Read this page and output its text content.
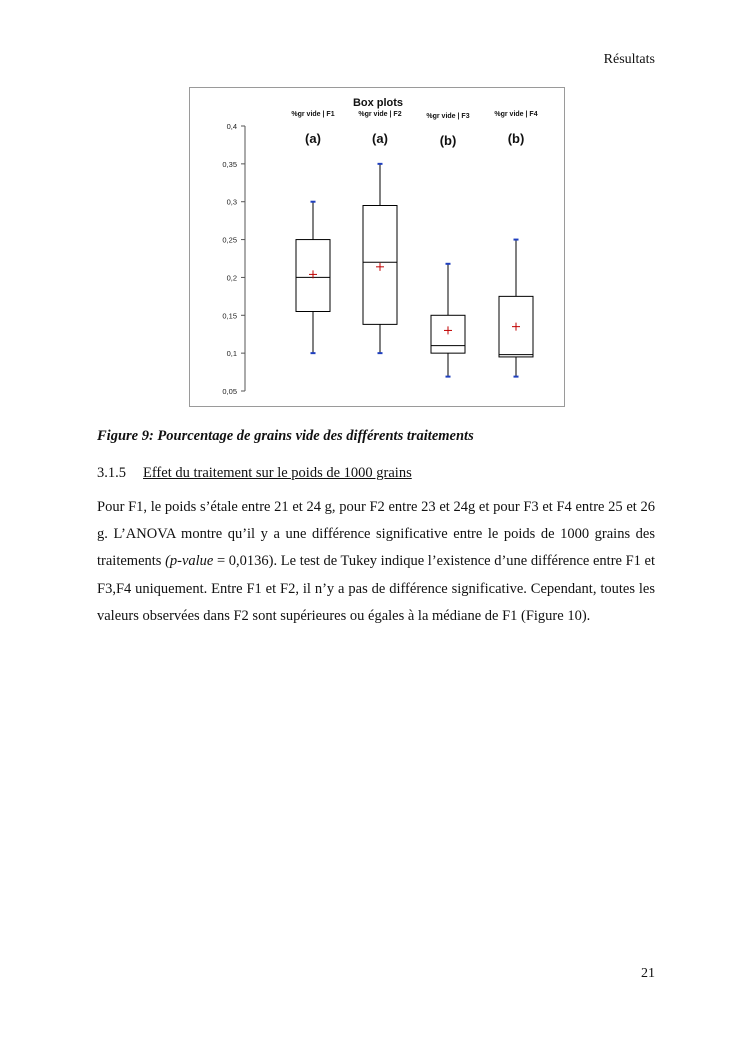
Résultats
Box plots
0,05
0,1
0,15
0,2
0,25
0,3
0,35
0,4
%gr vide | F1
(a)
%gr vide | F2
(a)
%gr vide | F3
(b)
%gr vide | F4
(b)
Figure 9: Pourcentage de grains vide des différents traitements
3.1.5 Effet du traitement sur le poids de 1000 grains
Pour F1, le poids s’étale entre 21 et 24 g, pour F2 entre 23 et 24g et pour F3 et F4 entre 25 et 26 g. L’ANOVA montre qu’il y a une différence significative entre le poids de 1000 grains des traitements (p-value = 0,0136). Le test de Tukey indique l’existence d’une différence entre F1 et F3,F4 uniquement. Entre F1 et F2, il n’y a pas de différence significative. Cependant, toutes les valeurs observées dans F2 sont supérieures ou égales à la médiane de F1 (Figure 10).
21
